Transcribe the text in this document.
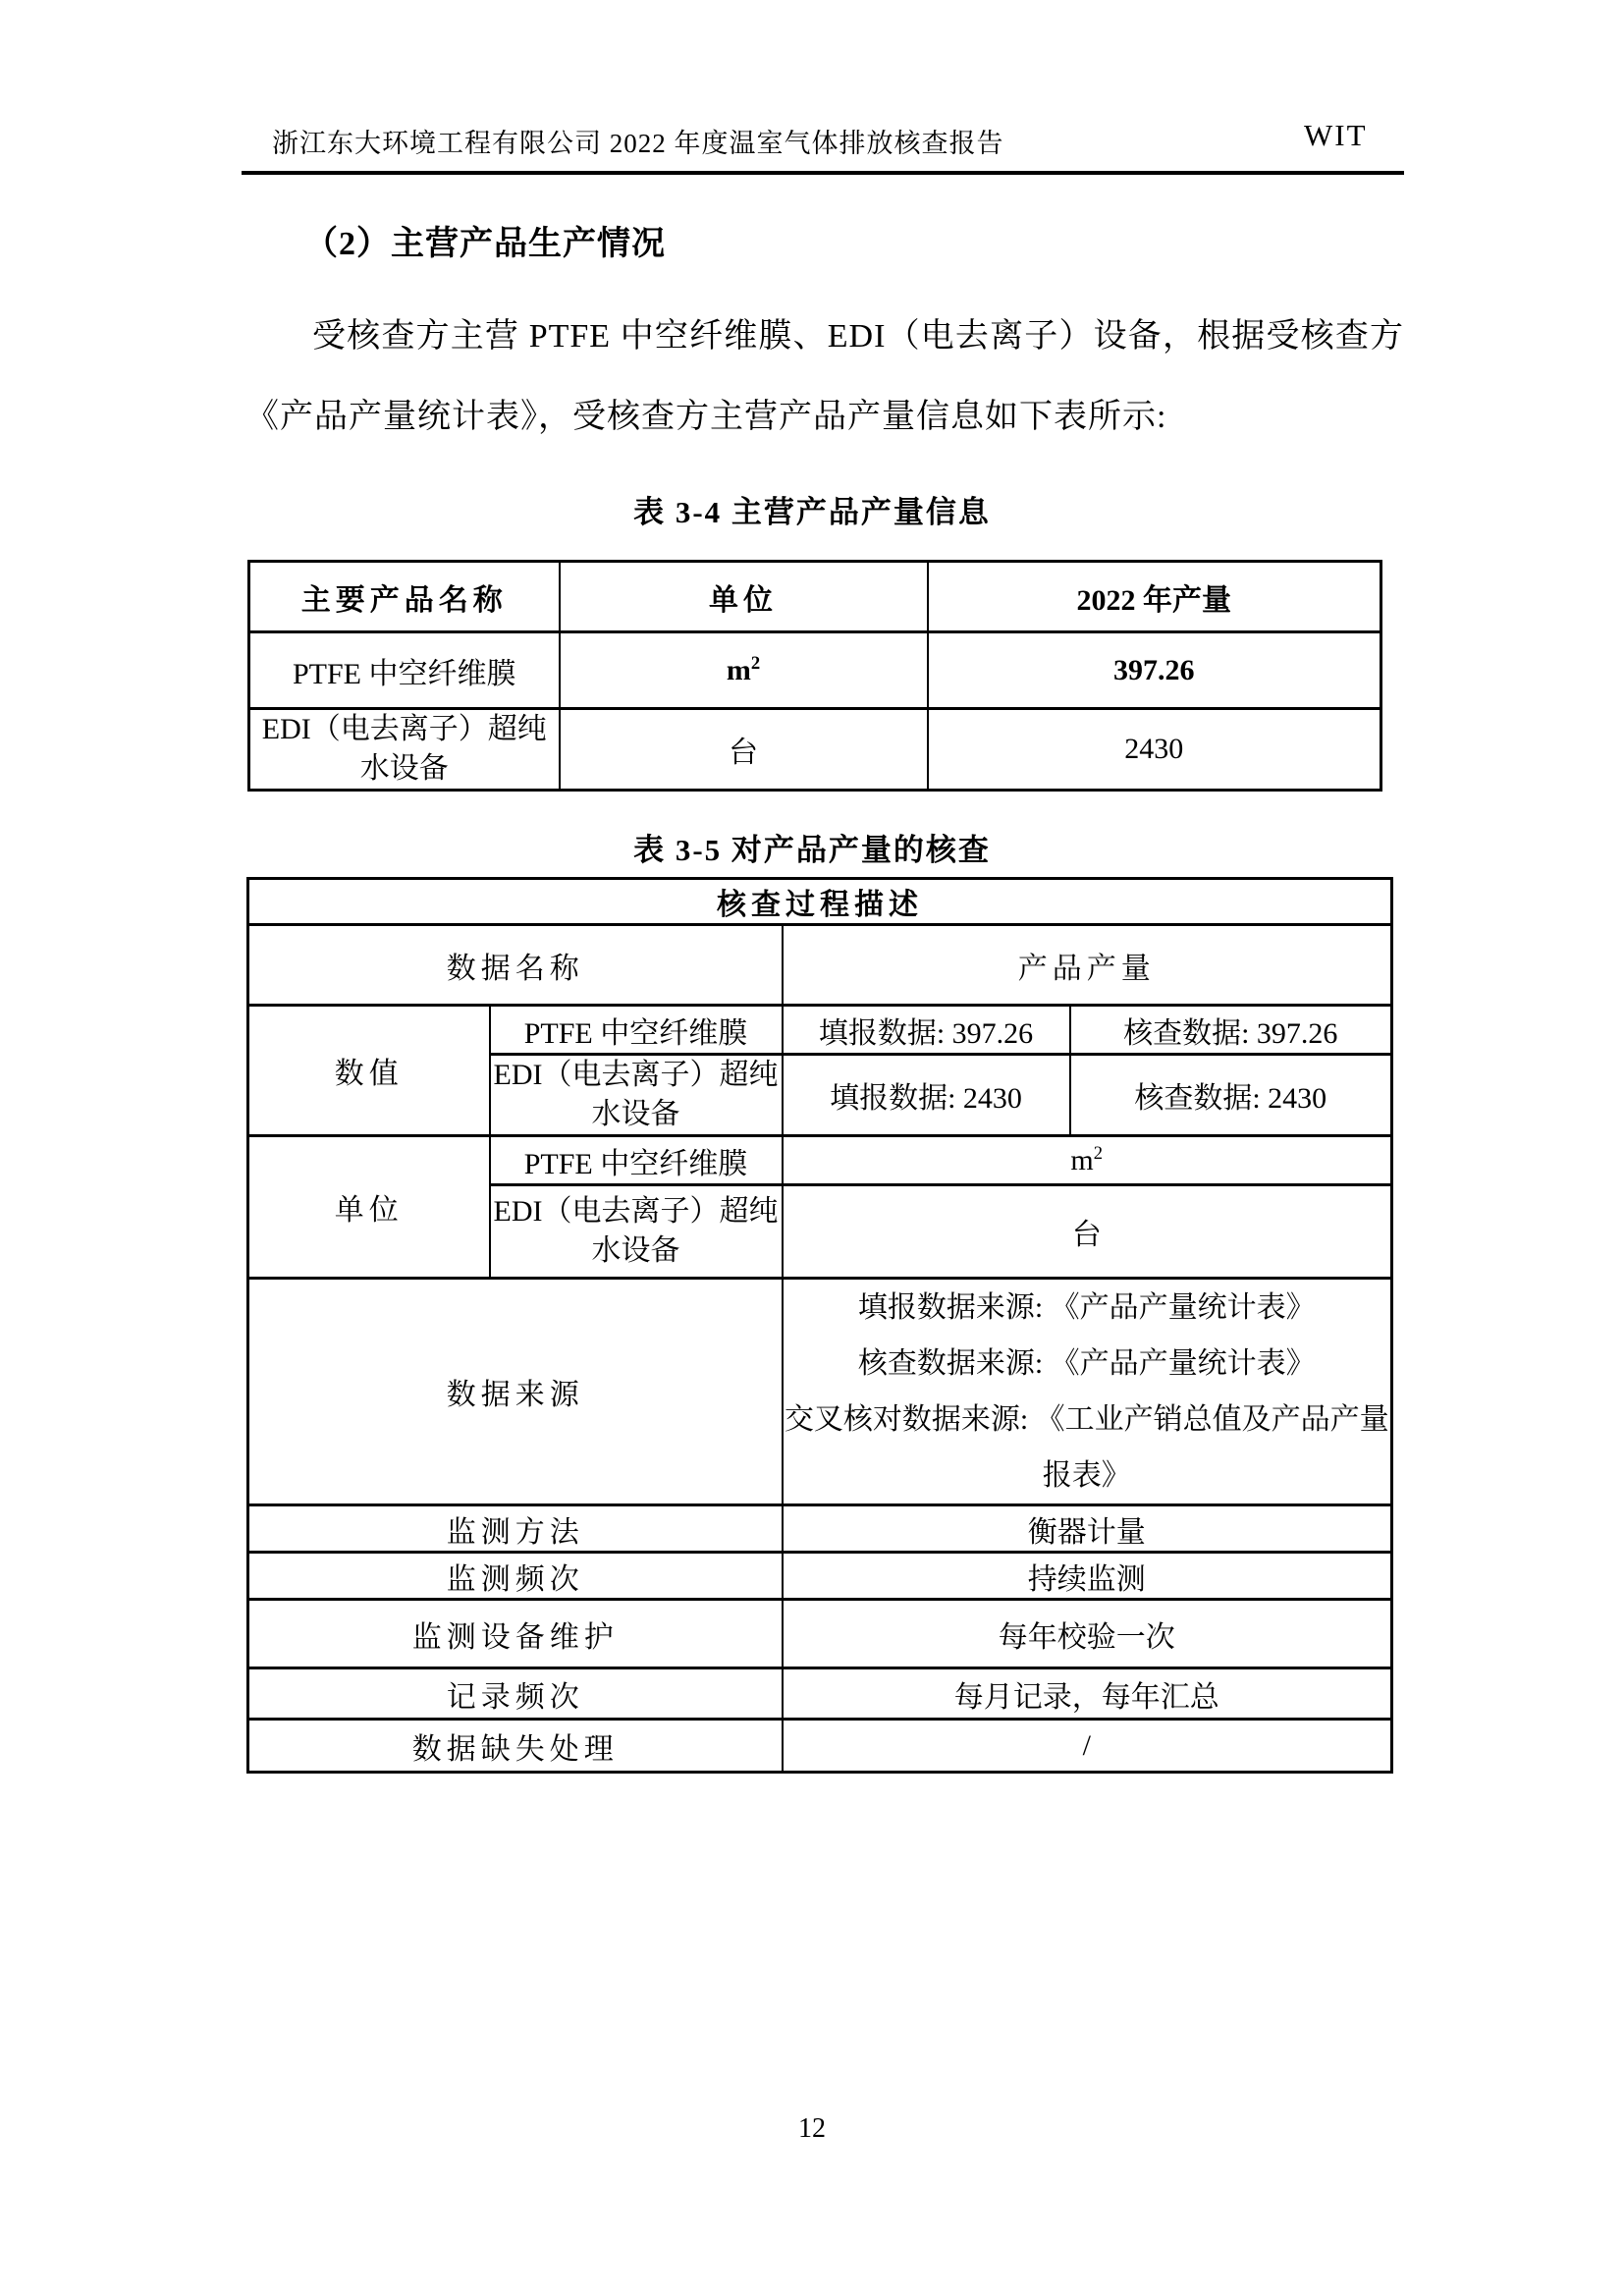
浙江东大环境工程有限公司 2022 年度温室气体排放核查报告	WIT
（2）主营产品生产情况
受核查方主营 PTFE 中空纤维膜、EDI（电去离子）设备，根据受核查方《产品产量统计表》，受核查方主营产品产量信息如下表所示:
表 3-4 主营产品产量信息
主要产品名称	单位	2022 年产量
PTFE 中空纤维膜	$m^2$	397.26
EDI（电去离子）超纯水设备	台	2430
表 3-5 对产品产量的核查
核查过程描述			
数据名称		产品产量	
数值	PTFE 中空纤维膜	填报数据: 397.26	核查数据: 397.26
	EDI（电去离子）超纯水设备	填报数据: 2430	核查数据: 2430
单位	PTFE 中空纤维膜	$m^2$
	EDI（电去离子）超纯水设备	台	
数据来源		填报数据来源: 《产品产量统计表》
核查数据来源: 《产品产量统计表》
交叉核对数据来源: 《工业产销总值及产品产量报表》	

监测方法		衡器计量	
监测频次		持续监测	
监测设备维护		每年校验一次	
记录频次		每月记录，每年汇总	
数据缺失处理		/	
12
